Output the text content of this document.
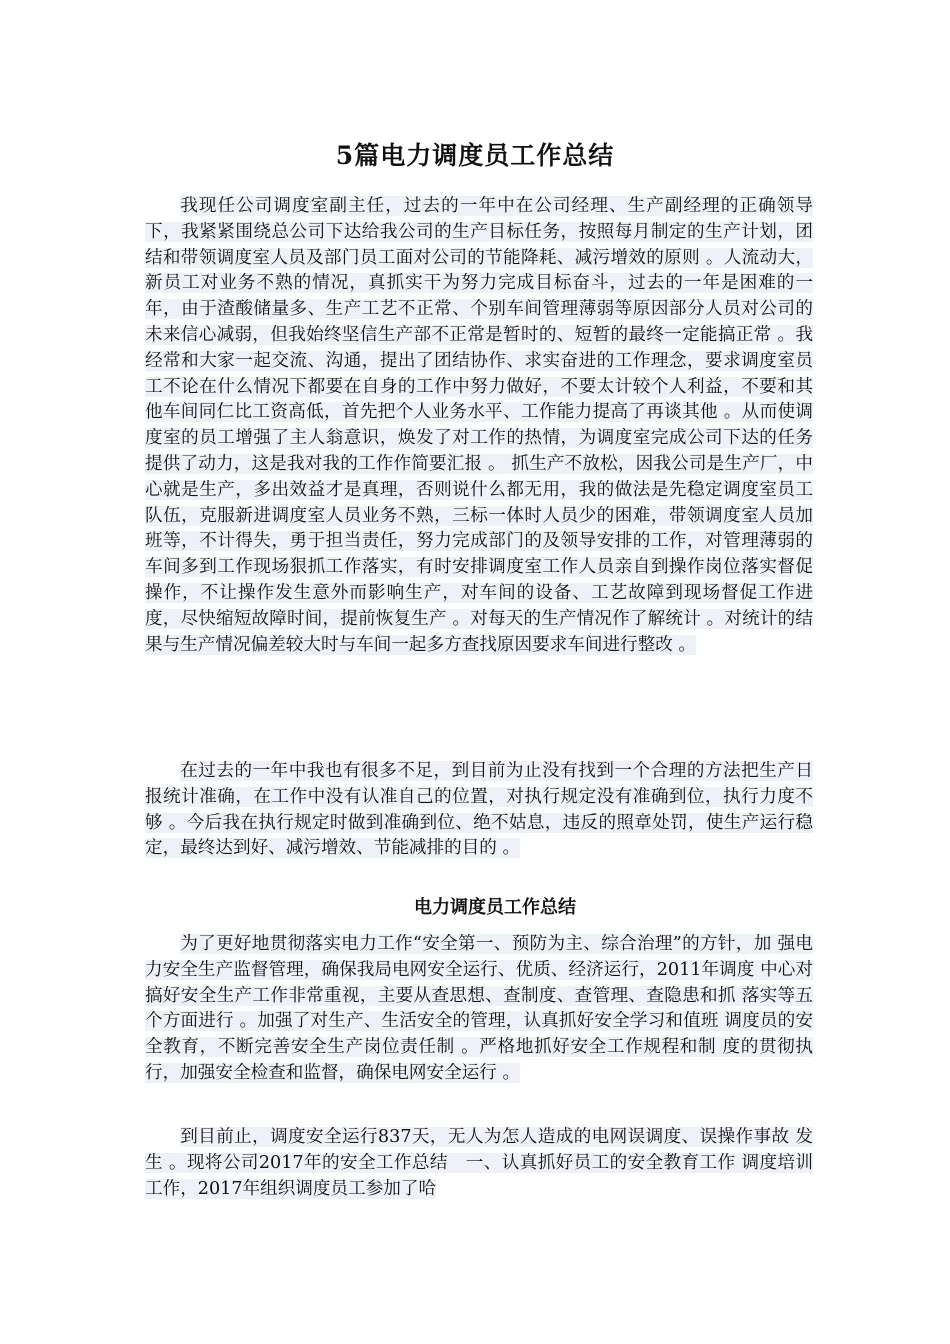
5篇电力调度员工作总结

我现任公司调度室副主任，过去的一年中在公司经理、生产副经理的正确领导下，我紧紧围绕总公司下达给我公司的生产目标任务，按照每月制定的生产计划，团结和带领调度室人员及部门员工面对公司的节能降耗、减污增效的原则 。人流动大，新员工对业务不熟的情况，真抓实干为努力完成目标奋斗，过去的一年是困难的一年，由于渣酸储量多、生产工艺不正常、个别车间管理薄弱等原因部分人员对公司的未来信心减弱，但我始终坚信生产部不正常是暂时的、短暂的最终一定能搞正常 。我经常和大家一起交流、沟通，提出了团结协作、求实奋进的工作理念，要求调度室员工不论在什么情况下都要在自身的工作中努力做好，不要太计较个人利益，不要和其他车间同仁比工资高低，首先把个人业务水平、工作能力提高了再谈其他 。从而使调度室的员工增强了主人翁意识，焕发了对工作的热情，为调度室完成公司下达的任务提供了动力，这是我对我的工作作简要汇报 。 抓生产不放松，因我公司是生产厂，中心就是生产，多出效益才是真理，否则说什么都无用，我的做法是先稳定调度室员工队伍，克服新进调度室人员业务不熟，三标一体时人员少的困难，带领调度室人员加班等，不计得失，勇于担当责任，努力完成部门的及领导安排的工作，对管理薄弱的车间多到工作现场狠抓工作落实，有时安排调度室工作人员亲自到操作岗位落实督促操作，不让操作发生意外而影响生产，对车间的设备、工艺故障到现场督促工作进度，尽快缩短故障时间，提前恢复生产 。对每天的生产情况作了解统计 。对统计的结果与生产情况偏差较大时与车间一起多方查找原因要求车间进行整改 。

在过去的一年中我也有很多不足，到目前为止没有找到一个合理的方法把生产日报统计准确，在工作中没有认准自己的位置，对执行规定没有准确到位，执行力度不够 。今后我在执行规定时做到准确到位、绝不姑息，违反的照章处罚，使生产运行稳定，最终达到好、减污增效、节能减排的目的 。

电力调度员工作总结

为了更好地贯彻落实电力工作“安全第一、预防为主、综合治理”的方针，加 强电力安全生产监督管理，确保我局电网安全运行、优质、经济运行，2011年调度 中心对搞好安全生产工作非常重视，主要从查思想、查制度、查管理、查隐患和抓 落实等五个方面进行 。加强了对生产、生活安全的管理，认真抓好安全学习和值班 调度员的安全教育，不断完善安全生产岗位责任制 。严格地抓好安全工作规程和制 度的贯彻执行，加强安全检查和监督，确保电网安全运行 。

到目前止，调度安全运行837天，无人为怎人造成的电网误调度、误操作事故 发生 。现将公司2017年的安全工作总结　一、认真抓好员工的安全教育工作 调度培训工作，2017年组织调度员工参加了哈
